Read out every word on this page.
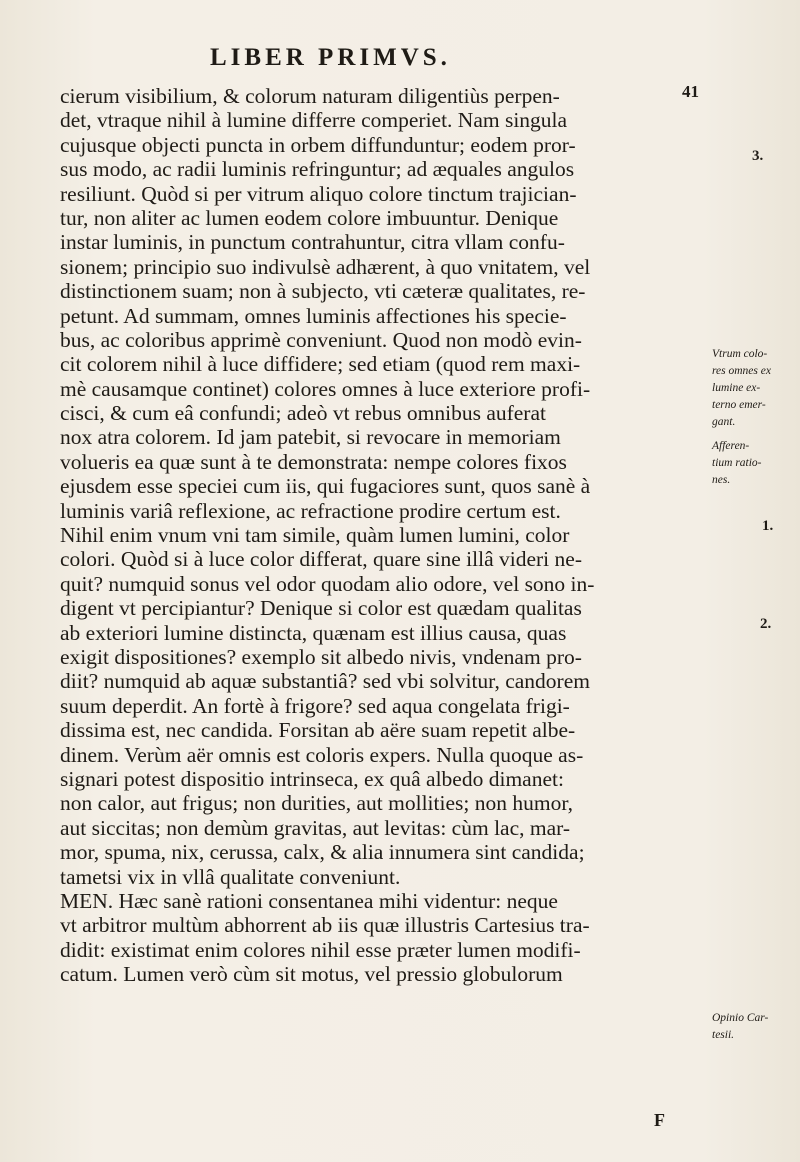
LIBER PRIMVS.
41
cierum visibilium, & colorum naturam diligentiùs perpen-
det, vtraque nihil à lumine differre comperiet. Nam singula
cujusque objecti puncta in orbem diffunduntur; eodem pror-
sus modo, ac radii luminis refringuntur; ad æquales angulos
resiliunt. Quòd si per vitrum aliquo colore tinctum trajician-
tur, non aliter ac lumen eodem colore imbuuntur. Denique
instar luminis, in punctum contrahuntur, citra vllam confu-
sionem; principio suo indivulsè adhærent, à quo vnitatem, vel
distinctionem suam; non à subjecto, vti cæteræ qualitates, re-
petunt. Ad summam, omnes luminis affectiones his specie-
bus, ac coloribus apprimè conveniunt. Quod non modò evin-
cit colorem nihil à luce diffidere; sed etiam (quod rem maxi-
mè causamque continet) colores omnes à luce exteriore profi-
cisci, & cum eâ confundi; adeò vt rebus omnibus auferat
nox atra colorem. Id jam patebit, si revocare in memoriam
volueris ea quæ sunt à te demonstrata: nempe colores fixos
ejusdem esse speciei cum iis, qui fugaciores sunt, quos sanè à
luminis variâ reflexione, ac refractione prodire certum est.
Nihil enim vnum vni tam simile, quàm lumen lumini, color
colori. Quòd si à luce color differat, quare sine illâ videri ne-
quit? numquid sonus vel odor quodam alio odore, vel sono in-
digent vt percipiantur? Denique si color est quædam qualitas
ab exteriori lumine distincta, quænam est illius causa, quas
exigit dispositiones? exemplo sit albedo nivis, vndenam pro-
diit? numquid ab aquæ substantiâ? sed vbi solvitur, candorem
suum deperdit. An fortè à frigore? sed aqua congelata frigi-
dissima est, nec candida. Forsitan ab aëre suam repetit albe-
dinem. Verùm aër omnis est coloris expers. Nulla quoque as-
signari potest dispositio intrinseca, ex quâ albedo dimanet:
non calor, aut frigus; non durities, aut mollities; non humor,
aut siccitas; non demùm gravitas, aut levitas: cùm lac, mar-
mor, spuma, nix, cerussa, calx, & alia innumera sint candida;
tametsi vix in vllâ qualitate conveniunt.
MEN. Hæc sanè rationi consentanea mihi videntur: neque
vt arbitror multùm abhorrent ab iis quæ illustris Cartesius tra-
didit: existimat enim colores nihil esse præter lumen modifi-
catum. Lumen verò cùm sit motus, vel pressio globulorum
3.
Vtrum colo-
res omnes ex
lumine ex-
terno emer-
gant.
Afferen-
tium ratio-
nes.
1.
2.
Opinio Car-
tesii.
F
